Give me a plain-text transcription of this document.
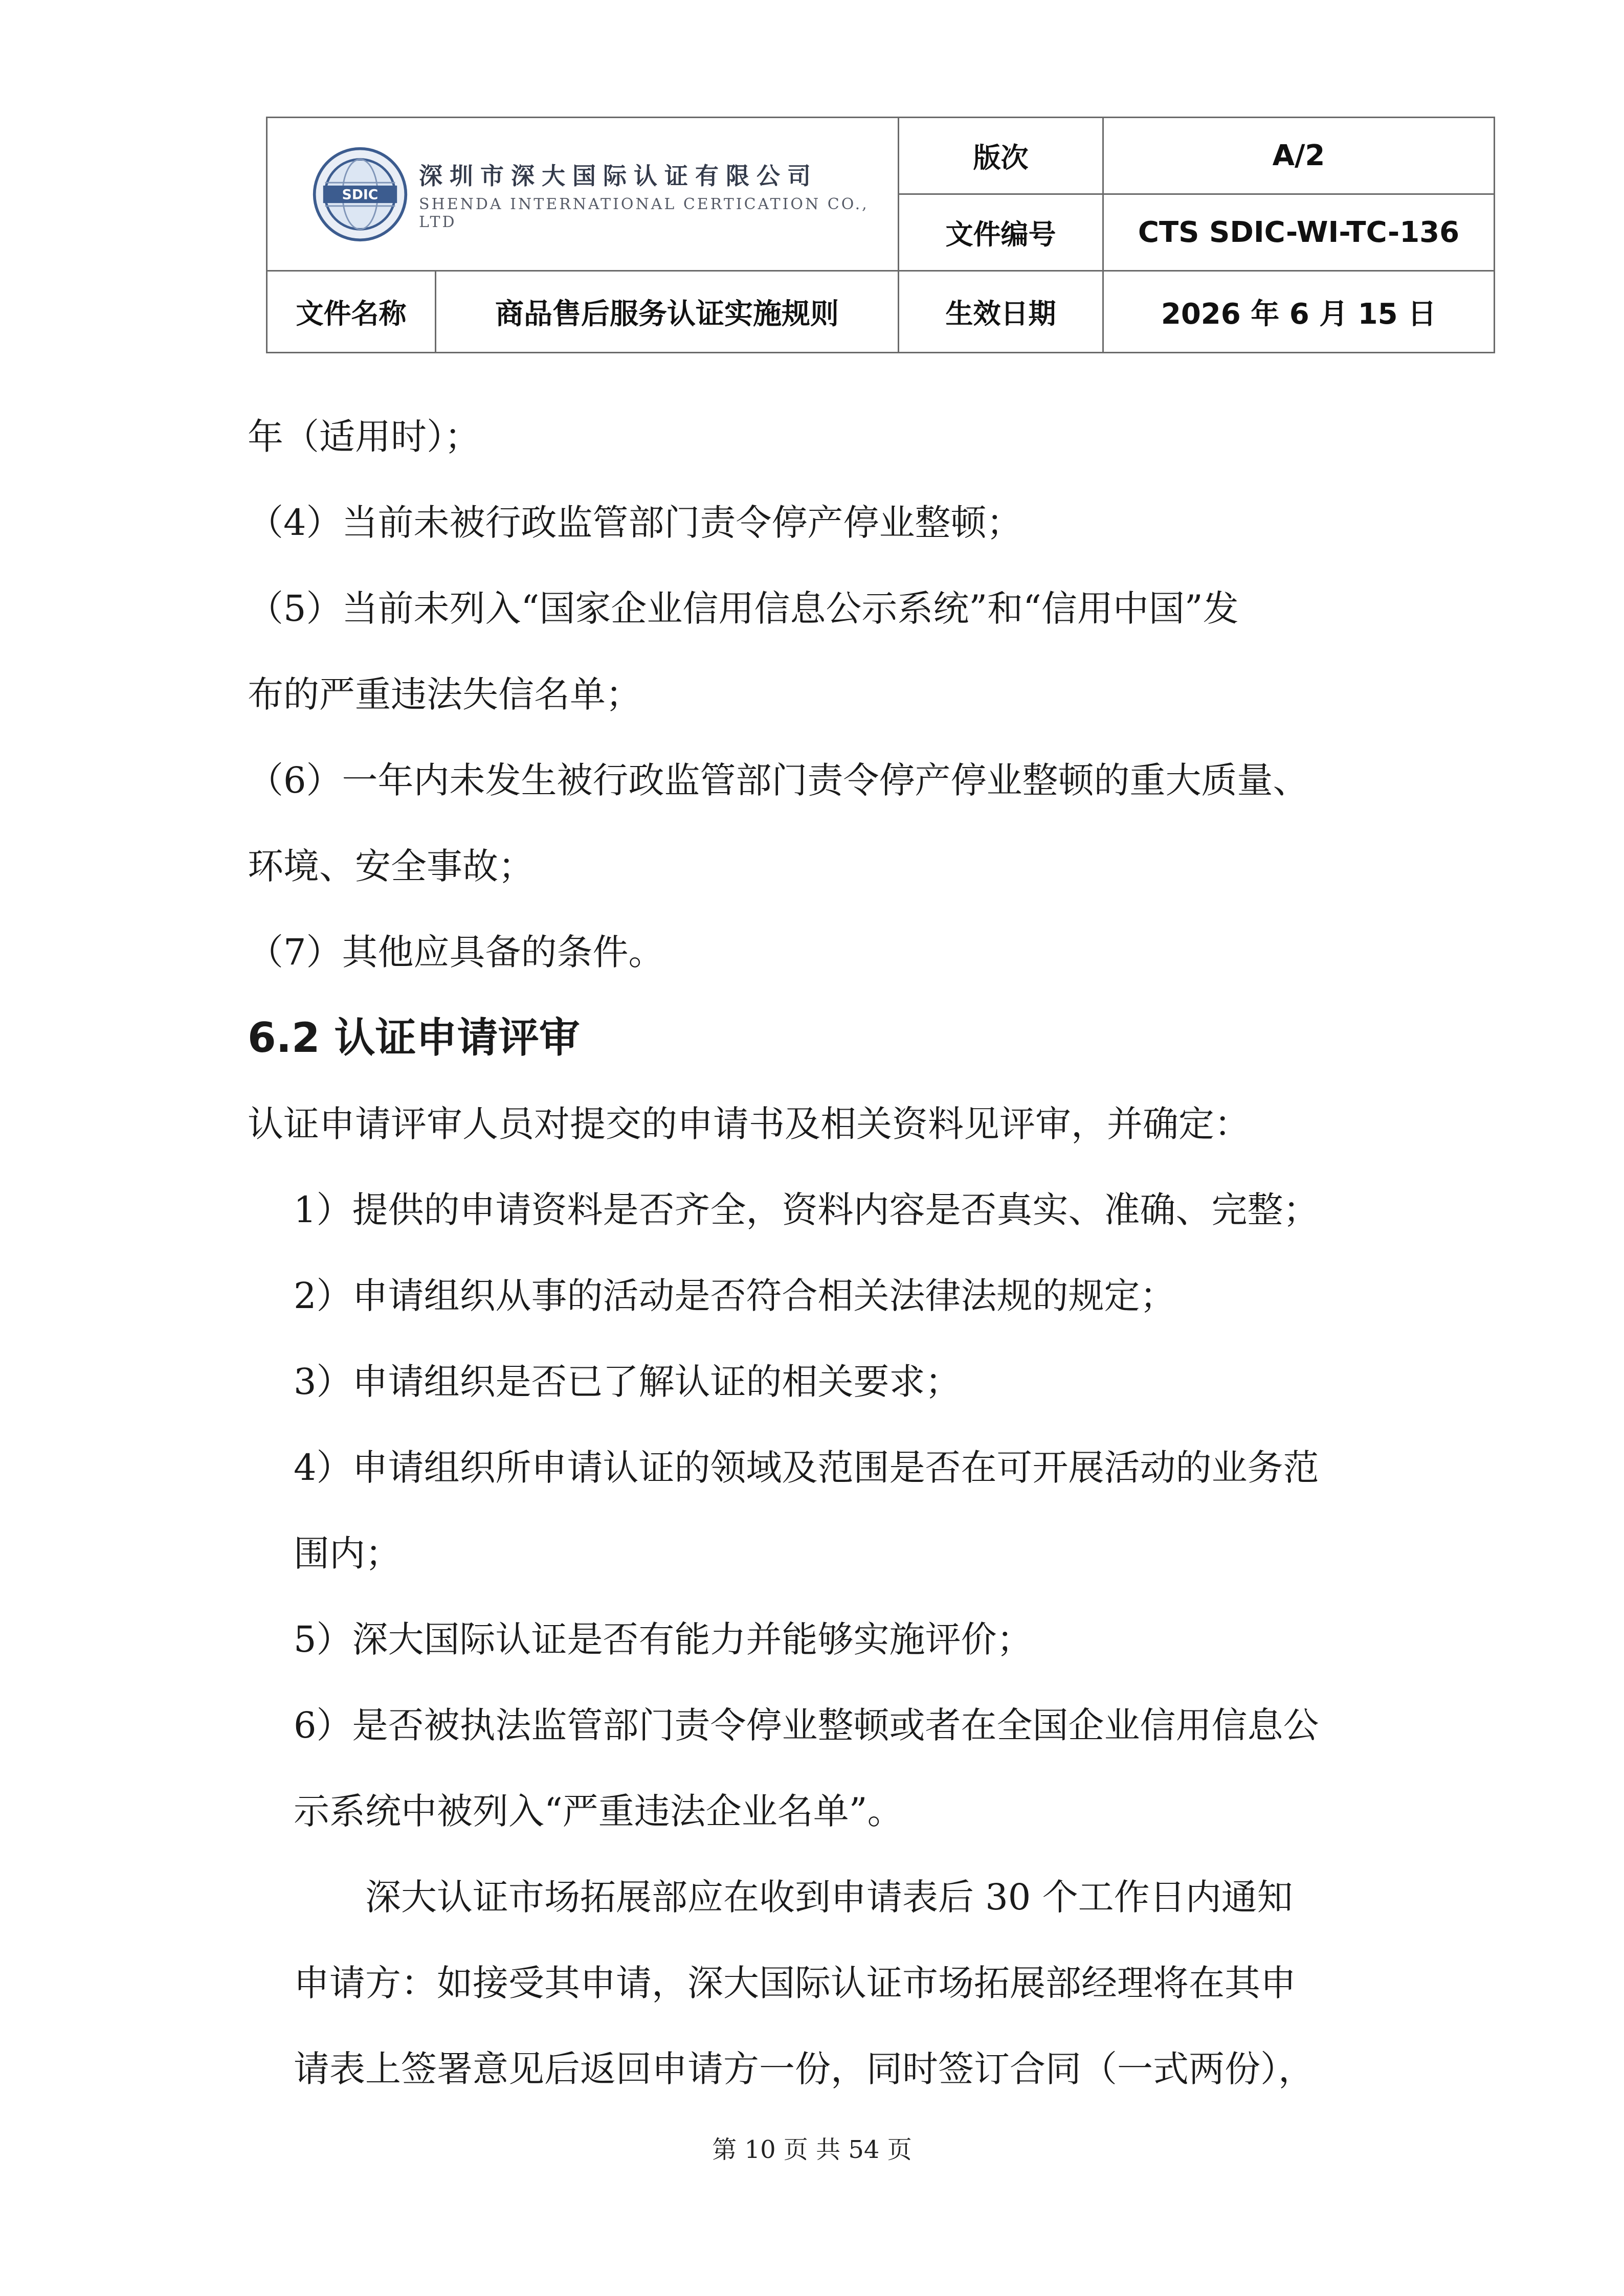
SDIC
深圳市深大国际认证有限公司
SHENDA INTERNATIONAL CERTICATION CO., LTD		版次	A/2
		文件编号	CTS SDIC-WI-TC-136
文件名称	商品售后服务认证实施规则	生效日期	2026 年 6 月 15 日
年（适用时）；
（4）当前未被行政监管部门责令停产停业整顿；
（5）当前未列入“国家企业信用信息公示系统”和“信用中国”发
布的严重违法失信名单；
（6）一年内未发生被行政监管部门责令停产停业整顿的重大质量、
环境、安全事故；
（7）其他应具备的条件。
6.2 认证申请评审
认证申请评审人员对提交的申请书及相关资料见评审，并确定：
1）提供的申请资料是否齐全，资料内容是否真实、准确、完整；
2）申请组织从事的活动是否符合相关法律法规的规定；
3）申请组织是否已了解认证的相关要求；
4）申请组织所申请认证的领域及范围是否在可开展活动的业务范
围内；
5）深大国际认证是否有能力并能够实施评价；
6）是否被执法监管部门责令停业整顿或者在全国企业信用信息公
示系统中被列入“严重违法企业名单”。
深大认证市场拓展部应在收到申请表后 30 个工作日内通知
申请方：如接受其申请，深大国际认证市场拓展部经理将在其申
请表上签署意见后返回申请方一份，同时签订合同（一式两份），
第 10 页 共 54 页
